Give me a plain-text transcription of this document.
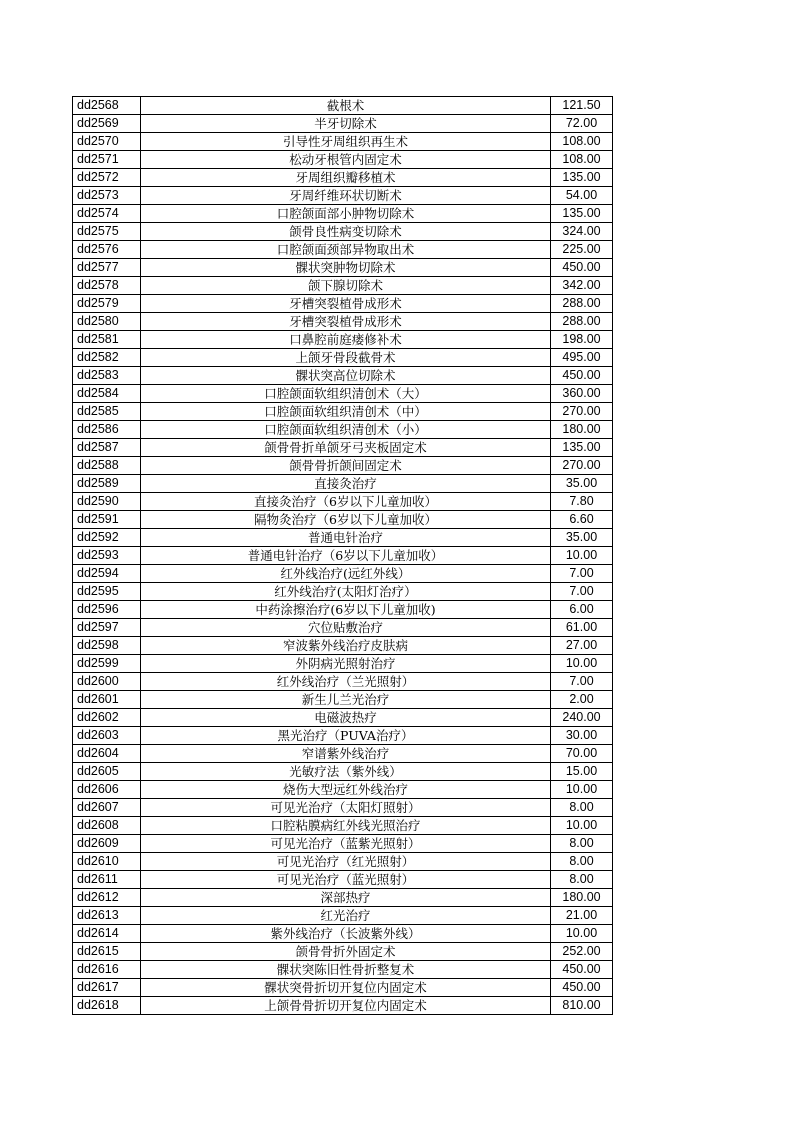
dd2568	截根术	121.50
dd2569	半牙切除术	72.00
dd2570	引导性牙周组织再生术	108.00
dd2571	松动牙根管内固定术	108.00
dd2572	牙周组织瓣移植术	135.00
dd2573	牙周纤维环状切断术	54.00
dd2574	口腔颌面部小肿物切除术	135.00
dd2575	颌骨良性病变切除术	324.00
dd2576	口腔颌面颈部异物取出术	225.00
dd2577	髁状突肿物切除术	450.00
dd2578	颌下腺切除术	342.00
dd2579	牙槽突裂植骨成形术	288.00
dd2580	牙槽突裂植骨成形术	288.00
dd2581	口鼻腔前庭瘘修补术	198.00
dd2582	上颌牙骨段截骨术	495.00
dd2583	髁状突高位切除术	450.00
dd2584	口腔颌面软组织清创术（大）	360.00
dd2585	口腔颌面软组织清创术（中）	270.00
dd2586	口腔颌面软组织清创术（小）	180.00
dd2587	颌骨骨折单颌牙弓夹板固定术	135.00
dd2588	颌骨骨折颌间固定术	270.00
dd2589	直接灸治疗	35.00
dd2590	直接灸治疗（6岁以下儿童加收）	7.80
dd2591	隔物灸治疗（6岁以下儿童加收）	6.60
dd2592	普通电针治疗	35.00
dd2593	普通电针治疗（6岁以下儿童加收）	10.00
dd2594	红外线治疗(远红外线）	7.00
dd2595	红外线治疗(太阳灯治疗）	7.00
dd2596	中药涂擦治疗(6岁以下儿童加收)	6.00
dd2597	穴位贴敷治疗	61.00
dd2598	窄波紫外线治疗皮肤病	27.00
dd2599	外阴病光照射治疗	10.00
dd2600	红外线治疗（兰光照射）	7.00
dd2601	新生儿兰光治疗	2.00
dd2602	电磁波热疗	240.00
dd2603	黑光治疗（PUVA治疗）	30.00
dd2604	窄谱紫外线治疗	70.00
dd2605	光敏疗法（紫外线）	15.00
dd2606	烧伤大型远红外线治疗	10.00
dd2607	可见光治疗（太阳灯照射）	8.00
dd2608	口腔粘膜病红外线光照治疗	10.00
dd2609	可见光治疗（蓝紫光照射）	8.00
dd2610	可见光治疗（红光照射）	8.00
dd2611	可见光治疗（蓝光照射）	8.00
dd2612	深部热疗	180.00
dd2613	红光治疗	21.00
dd2614	紫外线治疗（长波紫外线）	10.00
dd2615	颌骨骨折外固定术	252.00
dd2616	髁状突陈旧性骨折整复术	450.00
dd2617	髁状突骨折切开复位内固定术	450.00
dd2618	上颌骨骨折切开复位内固定术	810.00
